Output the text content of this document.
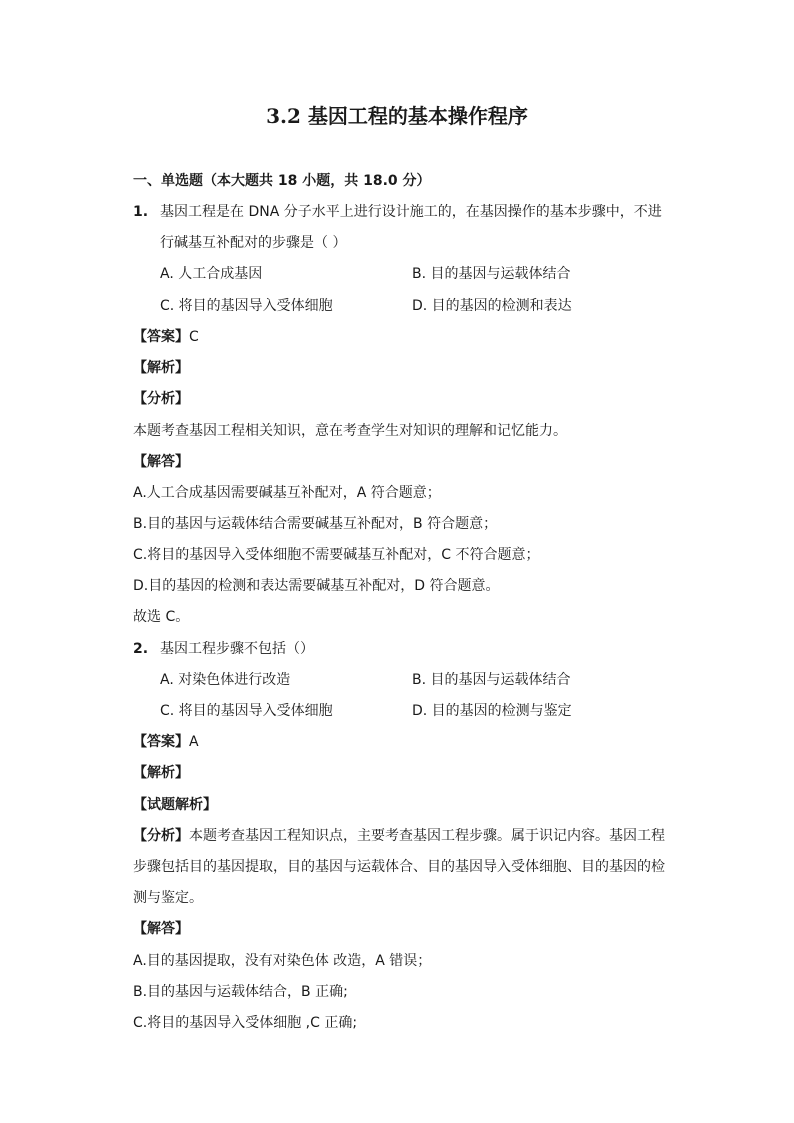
3.2 基因工程的基本操作程序
一、单选题（本大题共 18 小题，共 18.0 分）
1. 基因工程是在 DNA 分子水平上进行设计施工的，在基因操作的基本步骤中，不进
行碱基互补配对的步骤是（ ）
A. 人工合成基因	B. 目的基因与运载体结合
C. 将目的基因导入受体细胞	D. 目的基因的检测和表达
【答案】C
【解析】
【分析】
本题考查基因工程相关知识，意在考查学生对知识的理解和记忆能力。
【解答】
A.人工合成基因需要碱基互补配对，A 符合题意；
B.目的基因与运载体结合需要碱基互补配对，B 符合题意；
C.将目的基因导入受体细胞不需要碱基互补配对，C 不符合题意；
D.目的基因的检测和表达需要碱基互补配对，D 符合题意。
故选 C。
2. 基因工程步骤不包括（）
A. 对染色体进行改造	B. 目的基因与运载体结合
C. 将目的基因导入受体细胞	D. 目的基因的检测与鉴定
【答案】A
【解析】
【试题解析】
【分析】本题考查基因工程知识点，主要考查基因工程步骤。属于识记内容。基因工程
步骤包括目的基因提取，目的基因与运载体合、目的基因导入受体细胞、目的基因的检
测与鉴定。
【解答】
A.目的基因提取，没有对染色体 改造，A 错误；
B.目的基因与运载体结合，B 正确;
C.将目的基因导入受体细胞 ,C 正确;
